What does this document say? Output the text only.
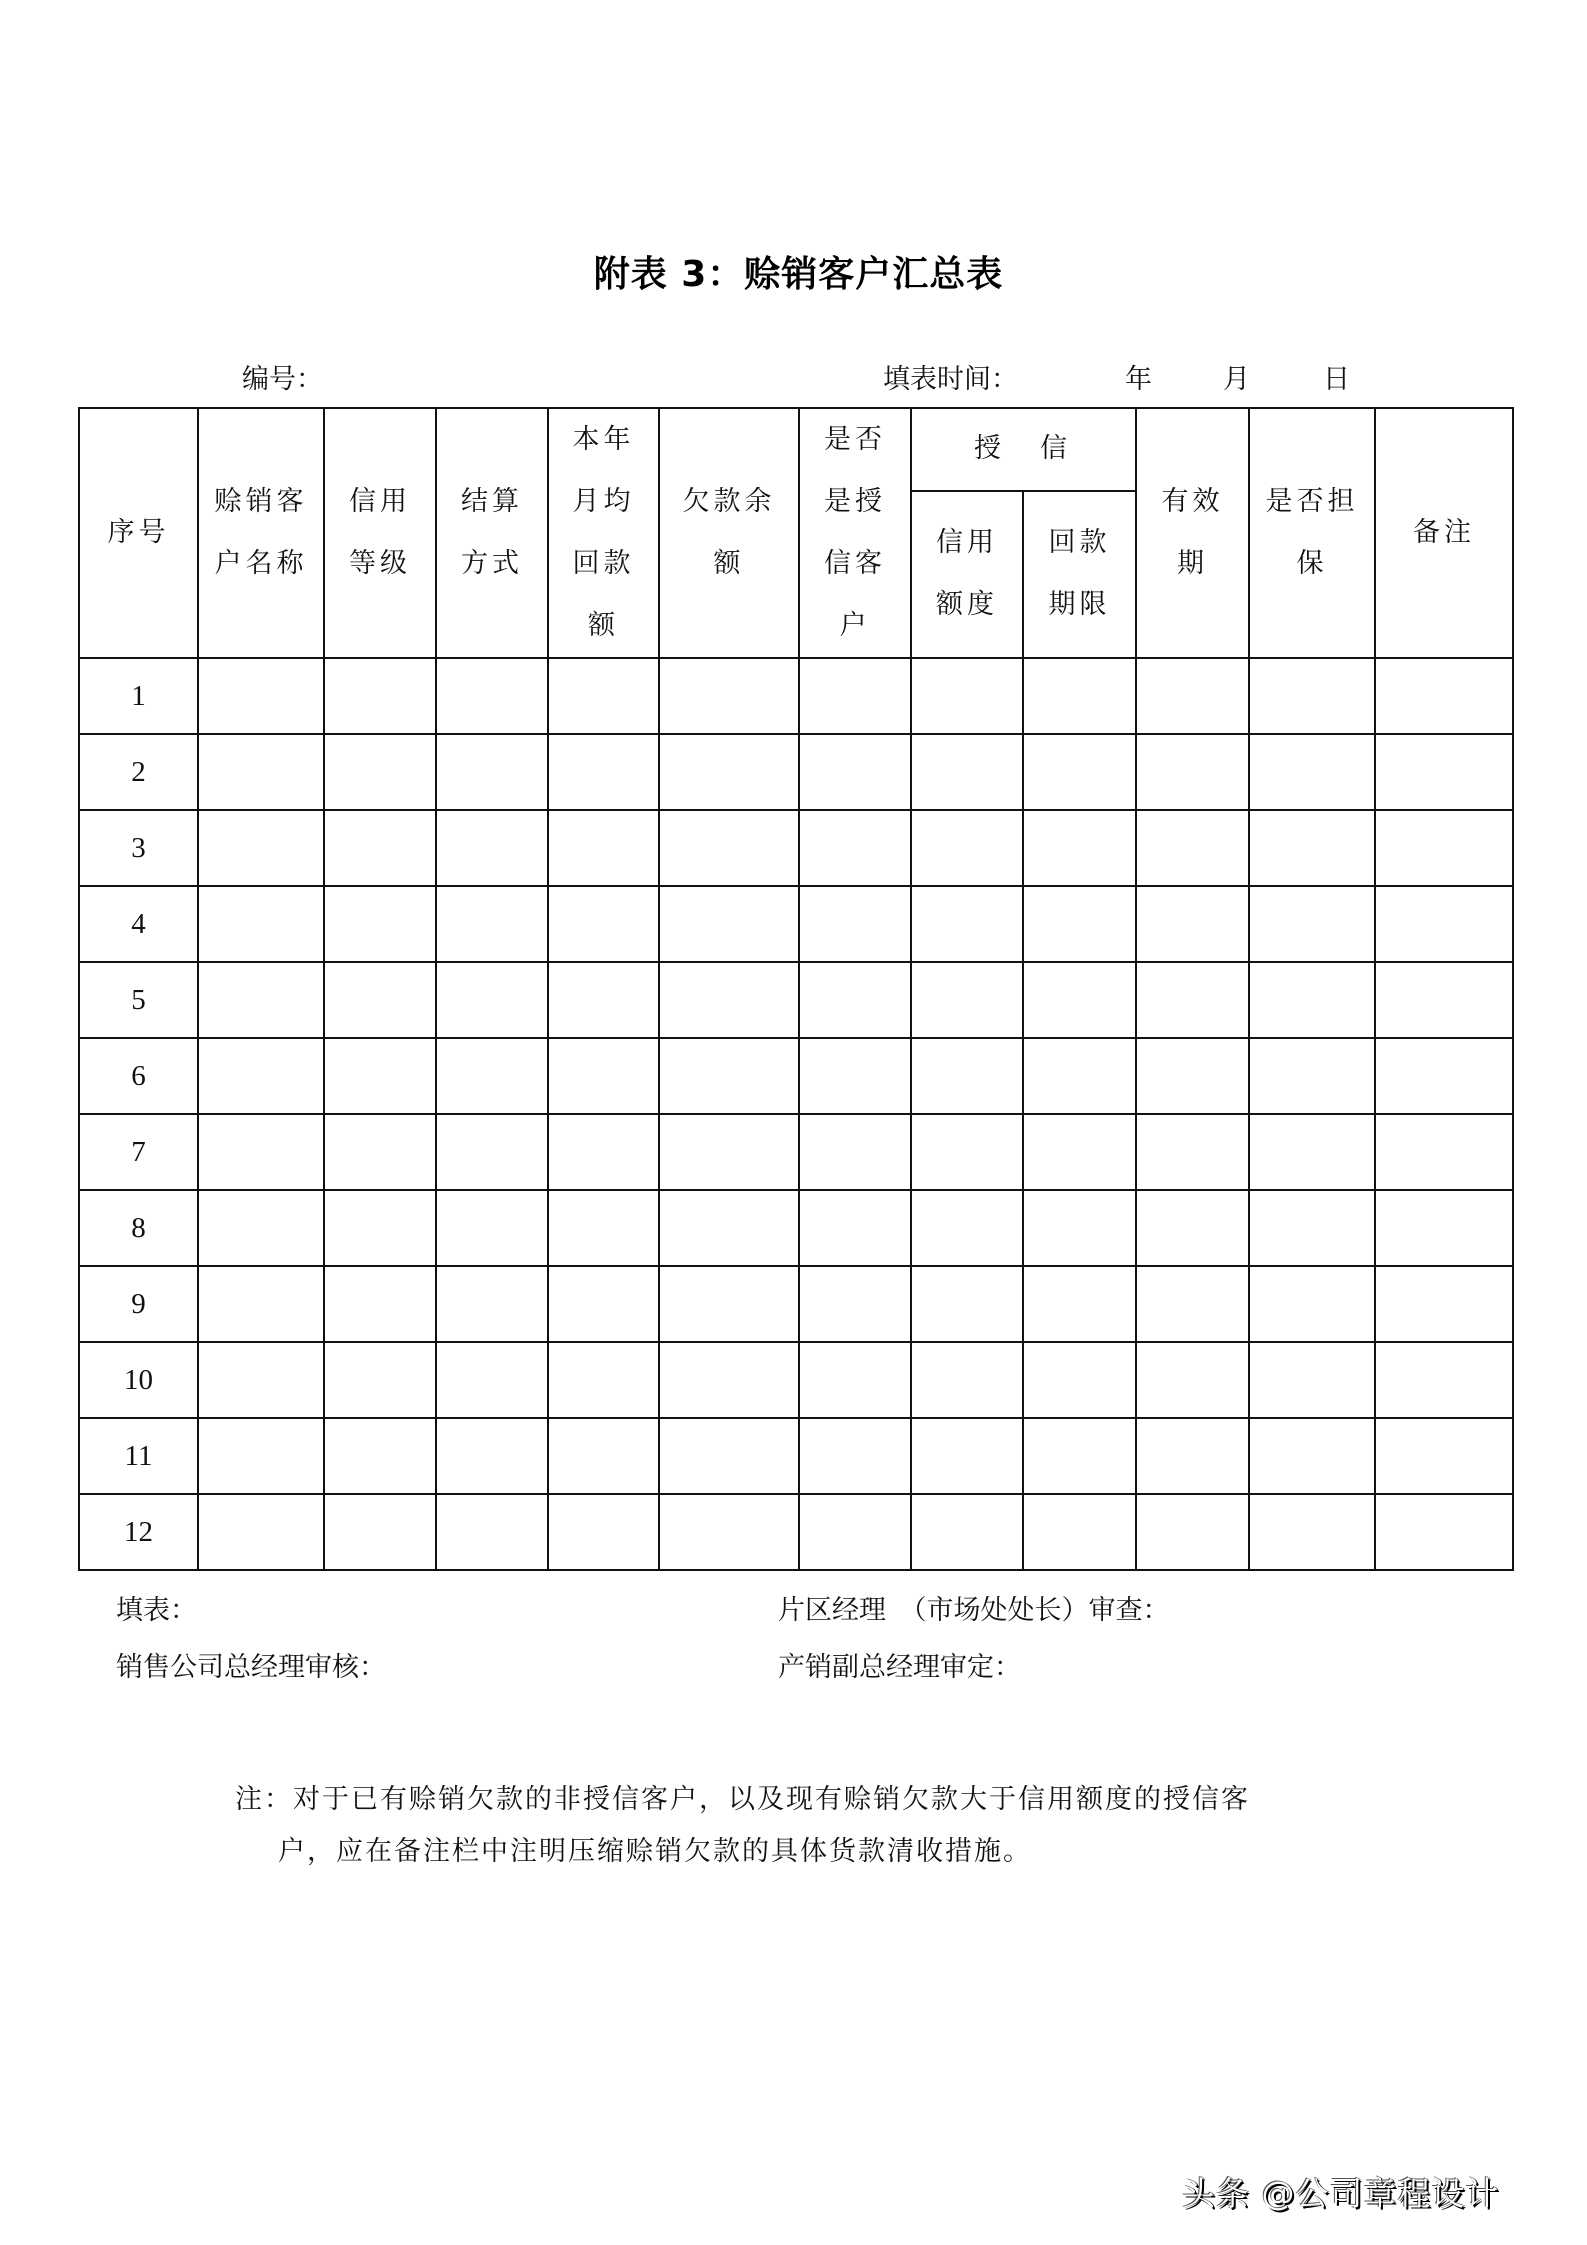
附表 3：赊销客户汇总表
编号：	填表时间：	年	月	日
序号	赊销客户名称	信用等级	结算方式	本年月均回款额	欠款余额	是否是授信客户	授　信		有效期	是否担保	备注
							信用额度	回款期限			
1											
2											
3											
4											
5											
6											
7											
8											
9											
10											
11											
12											
填表：	片区经理　（市场处处长）审查：
销售公司总经理审核：	产销副总经理审定：
注：对于已有赊销欠款的非授信客户，以及现有赊销欠款大于信用额度的授信客
户，应在备注栏中注明压缩赊销欠款的具体货款清收措施。
头条 @公司章程设计
